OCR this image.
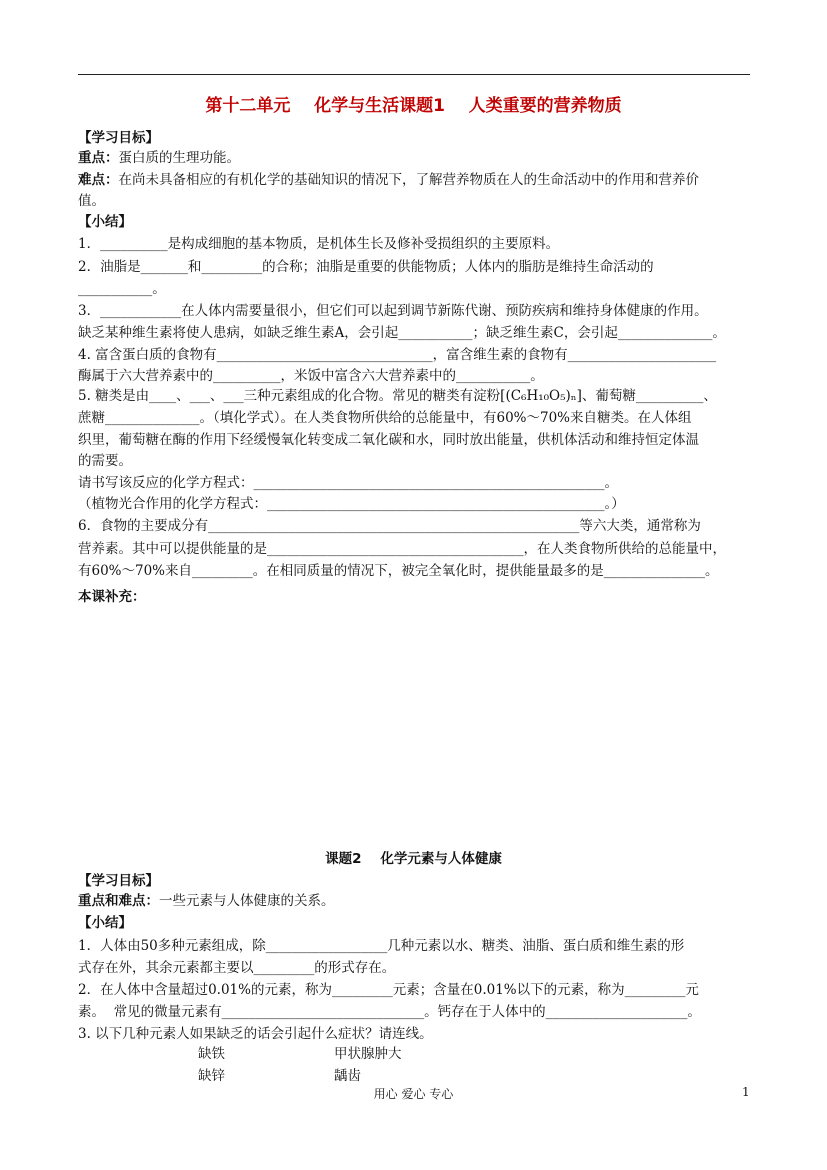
第十二单元    化学与生活课题1    人类重要的营养物质
【学习目标】
重点：蛋白质的生理功能。
难点：在尚未具备相应的有机化学的基础知识的情况下，了解营养物质在人的生命活动中的作用和营养价
值。
【小结】
1．__________是构成细胞的基本物质，是机体生长及修补受损组织的主要原料。
2．油脂是_______和_________的合称；油脂是重要的供能物质；人体内的脂肪是维持生命活动的
___________。
3．____________在人体内需要量很小，但它们可以起到调节新陈代谢、预防疾病和维持身体健康的作用。
缺乏某种维生素将使人患病，如缺乏维生素A，会引起___________；缺乏维生素C，会引起______________。
4. 富含蛋白质的食物有________________________________，富含维生素的食物有______________________
酶属于六大营养素中的__________，米饭中富含六大营养素中的___________。
5. 糖类是由____、___、___三种元素组成的化合物。常见的糖类有淀粉[(C₆H₁₀O₅)ₙ]、葡萄糖__________、
蔗糖______________。（填化学式）。在人类食物所供给的总能量中，有60%～70%来自糖类。在人体组
织里，葡萄糖在酶的作用下经缓慢氧化转变成二氧化碳和水，同时放出能量，供机体活动和维持恒定体温
的需要。
请书写该反应的化学方程式：____________________________________________________。
（植物光合作用的化学方程式：__________________________________________________。）
6．食物的主要成分有_______________________________________________________等六大类，通常称为
营养素。其中可以提供能量的是______________________________________，在人类食物所供给的总能量中，
有60%～70%来自_________。在相同质量的情况下，被完全氧化时，提供能量最多的是_______________。
本课补充：
课题2    化学元素与人体健康
【学习目标】
重点和难点：一些元素与人体健康的关系。
【小结】
1．人体由50多种元素组成，除__________________几种元素以水、糖类、油脂、蛋白质和维生素的形
式存在外，其余元素都主要以_________的形式存在。
2．在人体中含量超过0.01%的元素，称为_________元素；含量在0.01%以下的元素，称为_________元
素。  常见的微量元素有______________________________。钙存在于人体中的_____________________。
3. 以下几种元素人如果缺乏的话会引起什么症状？请连线。
缺铁	甲状腺肿大
缺锌	龋齿
用心 爱心 专心	1
